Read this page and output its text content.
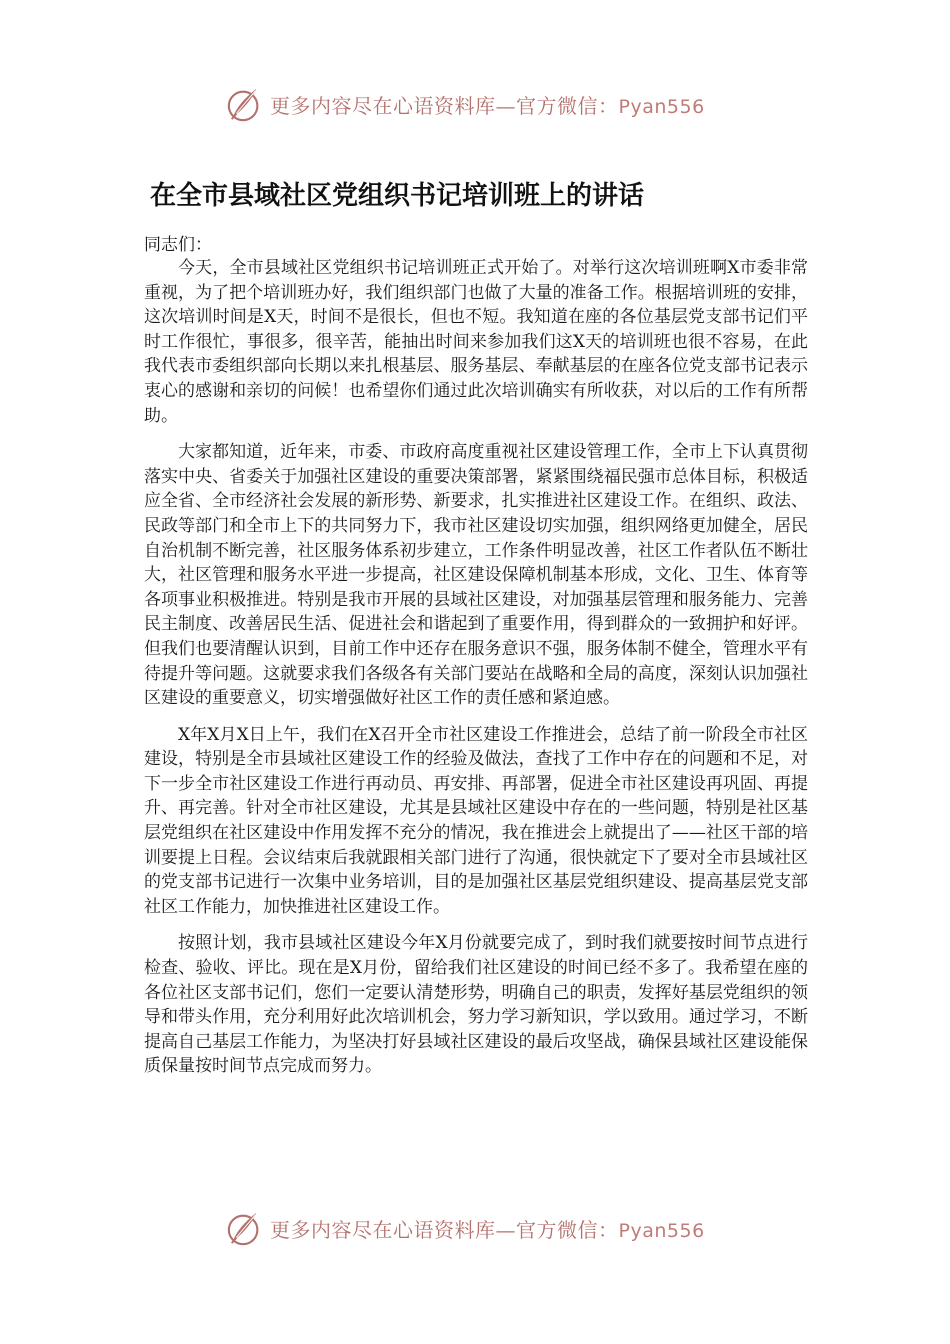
更多内容尽在心语资料库—官方微信：Pyan556
在全市县域社区党组织书记培训班上的讲话
同志们：

今天，全市县域社区党组织书记培训班正式开始了。对举行这次培训班啊X市委非常重视，为了把个培训班办好，我们组织部门也做了大量的准备工作。根据培训班的安排，这次培训时间是X天，时间不是很长，但也不短。我知道在座的各位基层党支部书记们平时工作很忙，事很多，很辛苦，能抽出时间来参加我们这X天的培训班也很不容易，在此我代表市委组织部向长期以来扎根基层、服务基层、奉献基层的在座各位党支部书记表示衷心的感谢和亲切的问候！也希望你们通过此次培训确实有所收获，对以后的工作有所帮助。

大家都知道，近年来，市委、市政府高度重视社区建设管理工作，全市上下认真贯彻落实中央、省委关于加强社区建设的重要决策部署，紧紧围绕福民强市总体目标，积极适应全省、全市经济社会发展的新形势、新要求，扎实推进社区建设工作。在组织、政法、民政等部门和全市上下的共同努力下，我市社区建设切实加强，组织网络更加健全，居民自治机制不断完善，社区服务体系初步建立，工作条件明显改善，社区工作者队伍不断壮大，社区管理和服务水平进一步提高，社区建设保障机制基本形成，文化、卫生、体育等各项事业积极推进。特别是我市开展的县域社区建设，对加强基层管理和服务能力、完善民主制度、改善居民生活、促进社会和谐起到了重要作用，得到群众的一致拥护和好评。但我们也要清醒认识到，目前工作中还存在服务意识不强，服务体制不健全，管理水平有待提升等问题。这就要求我们各级各有关部门要站在战略和全局的高度，深刻认识加强社区建设的重要意义，切实增强做好社区工作的责任感和紧迫感。

X年X月X日上午，我们在X召开全市社区建设工作推进会，总结了前一阶段全市社区建设，特别是全市县域社区建设工作的经验及做法，查找了工作中存在的问题和不足，对下一步全市社区建设工作进行再动员、再安排、再部署，促进全市社区建设再巩固、再提升、再完善。针对全市社区建设，尤其是县域社区建设中存在的一些问题，特别是社区基层党组织在社区建设中作用发挥不充分的情况，我在推进会上就提出了——社区干部的培训要提上日程。会议结束后我就跟相关部门进行了沟通，很快就定下了要对全市县域社区的党支部书记进行一次集中业务培训，目的是加强社区基层党组织建设、提高基层党支部社区工作能力，加快推进社区建设工作。

按照计划，我市县域社区建设今年X月份就要完成了，到时我们就要按时间节点进行检查、验收、评比。现在是X月份，留给我们社区建设的时间已经不多了。我希望在座的各位社区支部书记们，您们一定要认清楚形势，明确自己的职责，发挥好基层党组织的领导和带头作用，充分利用好此次培训机会，努力学习新知识，学以致用。通过学习，不断提高自己基层工作能力，为坚决打好县域社区建设的最后攻坚战，确保县域社区建设能保质保量按时间节点完成而努力。

更多内容尽在心语资料库—官方微信：Pyan556
